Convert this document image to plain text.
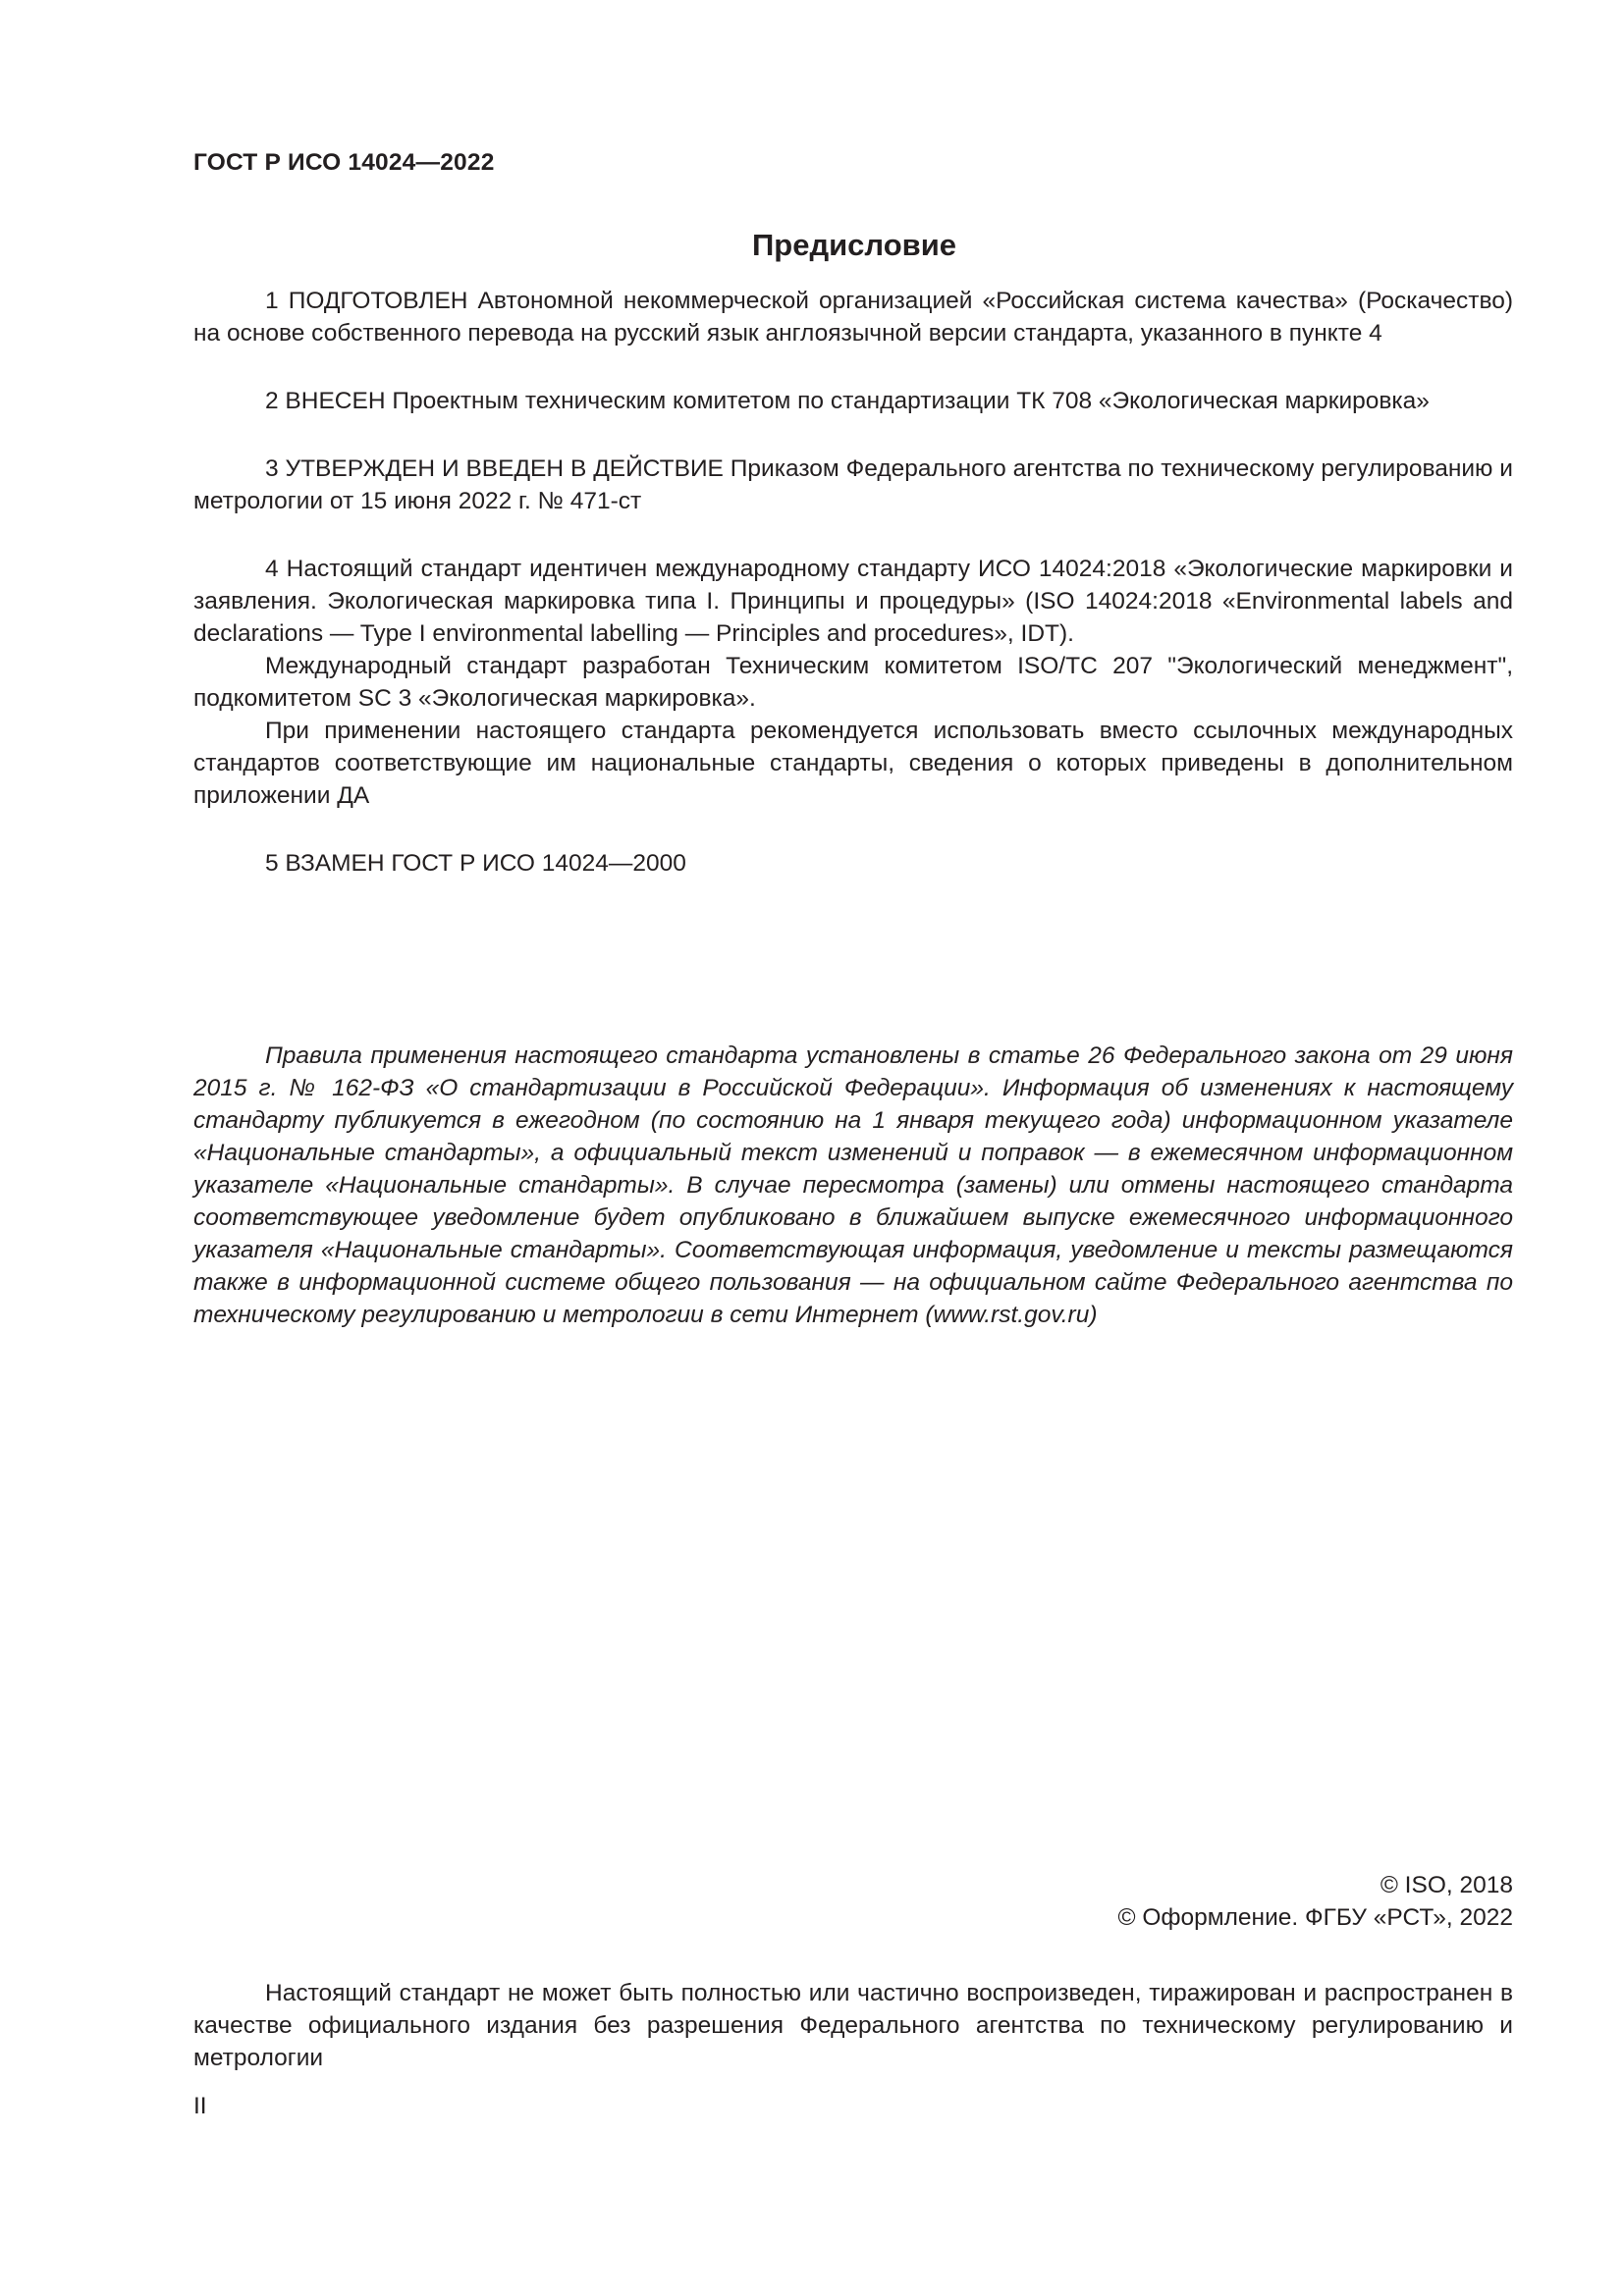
ГОСТ Р ИСО 14024—2022
Предисловие

1 ПОДГОТОВЛЕН Автономной некоммерческой организацией «Российская система качества» (Роскачество) на основе собственного перевода на русский язык англоязычной версии стандарта, указанного в пункте 4

2 ВНЕСЕН Проектным техническим комитетом по стандартизации ТК 708 «Экологическая маркировка»

3 УТВЕРЖДЕН И ВВЕДЕН В ДЕЙСТВИЕ Приказом Федерального агентства по техническому регулированию и метрологии от 15 июня 2022 г. № 471-ст

4 Настоящий стандарт идентичен международному стандарту ИСО 14024:2018 «Экологические маркировки и заявления. Экологическая маркировка типа I. Принципы и процедуры» (ISO 14024:2018 «Environmental labels and declarations — Type I environmental labelling — Principles and procedures», IDT).

Международный стандарт разработан Техническим комитетом ISO/TC 207 "Экологический менеджмент", подкомитетом SC 3 «Экологическая маркировка».

При применении настоящего стандарта рекомендуется использовать вместо ссылочных международных стандартов соответствующие им национальные стандарты, сведения о которых приведены в дополнительном приложении ДА

5 ВЗАМЕН ГОСТ Р ИСО 14024—2000

Правила применения настоящего стандарта установлены в статье 26 Федерального закона от 29 июня 2015 г. № 162-ФЗ «О стандартизации в Российской Федерации». Информация об изменениях к настоящему стандарту публикуется в ежегодном (по состоянию на 1 января текущего года) информационном указателе «Национальные стандарты», а официальный текст изменений и поправок — в ежемесячном информационном указателе «Национальные стандарты». В случае пересмотра (замены) или отмены настоящего стандарта соответствующее уведомление будет опубликовано в ближайшем выпуске ежемесячного информационного указателя «Национальные стандарты». Соответствующая информация, уведомление и тексты размещаются также в информационной системе общего пользования — на официальном сайте Федерального агентства по техническому регулированию и метрологии в сети Интернет (www.rst.gov.ru)

© ISO, 2018
© Оформление. ФГБУ «РСТ», 2022

Настоящий стандарт не может быть полностью или частично воспроизведен, тиражирован и распространен в качестве официального издания без разрешения Федерального агентства по техническому регулированию и метрологии

II
